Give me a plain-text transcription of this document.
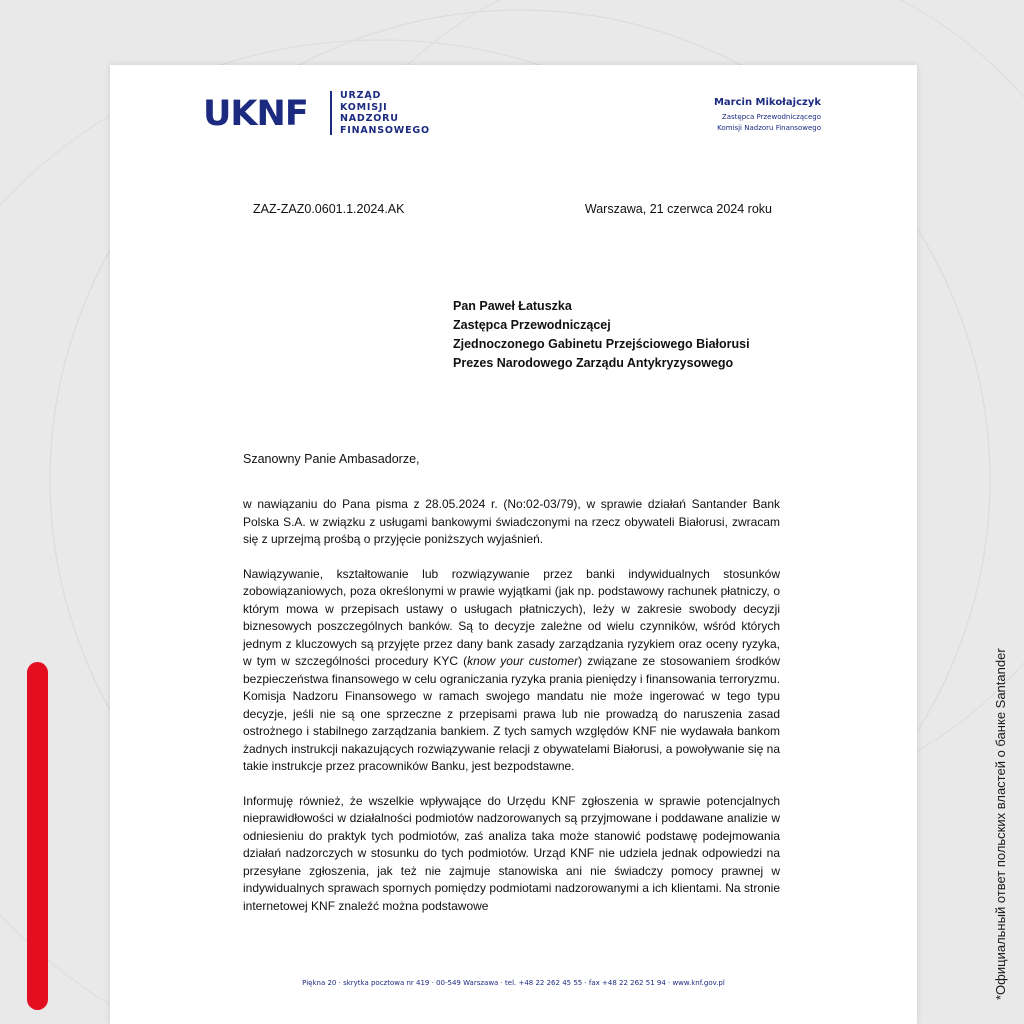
*Официальный ответ польских властей о банке Santander
UKNF	URZĄD
KOMISJI
NADZORU
FINANSOWEGO
Marcin Mikołajczyk
Zastępca Przewodniczącego
Komisji Nadzoru Finansowego
ZAZ-ZAZ0.0601.1.2024.AK	Warszawa, 21 czerwca 2024 roku
Pan Paweł Łatuszka
Zastępca Przewodniczącej
Zjednoczonego Gabinetu Przejściowego Białorusi
Prezes Narodowego Zarządu Antykryzysowego
Szanowny Panie Ambasadorze,

w nawiązaniu do Pana pisma z 28.05.2024 r. (No:02-03/79), w sprawie działań Santander Bank Polska S.A. w związku z usługami bankowymi świadczonymi na rzecz obywateli Białorusi, zwracam się z uprzejmą prośbą o przyjęcie poniższych wyjaśnień.

Nawiązywanie, kształtowanie lub rozwiązywanie przez banki indywidualnych stosunków zobowiązaniowych, poza określonymi w prawie wyjątkami (jak np. podstawowy rachunek płatniczy, o którym mowa w przepisach ustawy o usługach płatniczych), leży w zakresie swobody decyzji biznesowych poszczególnych banków. Są to decyzje zależne od wielu czynników, wśród których jednym z kluczowych są przyjęte przez dany bank zasady zarządzania ryzykiem oraz oceny ryzyka, w tym w szczególności procedury KYC (know your customer) związane ze stosowaniem środków bezpieczeństwa finansowego w celu ograniczania ryzyka prania pieniędzy i finansowania terroryzmu. Komisja Nadzoru Finansowego w ramach swojego mandatu nie może ingerować w tego typu decyzje, jeśli nie są one sprzeczne z przepisami prawa lub nie prowadzą do naruszenia zasad ostrożnego i stabilnego zarządzania bankiem. Z tych samych względów KNF nie wydawała bankom żadnych instrukcji nakazujących rozwiązywanie relacji z obywatelami Białorusi, a powoływanie się na takie instrukcje przez pracowników Banku, jest bezpodstawne.

Informuję również, że wszelkie wpływające do Urzędu KNF zgłoszenia w sprawie potencjalnych nieprawidłowości w działalności podmiotów nadzorowanych są przyjmowane i poddawane analizie w odniesieniu do praktyk tych podmiotów, zaś analiza taka może stanowić podstawę podejmowania działań nadzorczych w stosunku do tych podmiotów. Urząd KNF nie udziela jednak odpowiedzi na przesyłane zgłoszenia, jak też nie zajmuje stanowiska ani nie świadczy pomocy prawnej w indywidualnych sprawach spornych pomiędzy podmiotami nadzorowanymi a ich klientami. Na stronie internetowej KNF znaleźć można podstawowe

Piękna 20 · skrytka pocztowa nr 419 · 00-549 Warszawa · tel. +48 22 262 45 55 · fax +48 22 262 51 94 · www.knf.gov.pl
